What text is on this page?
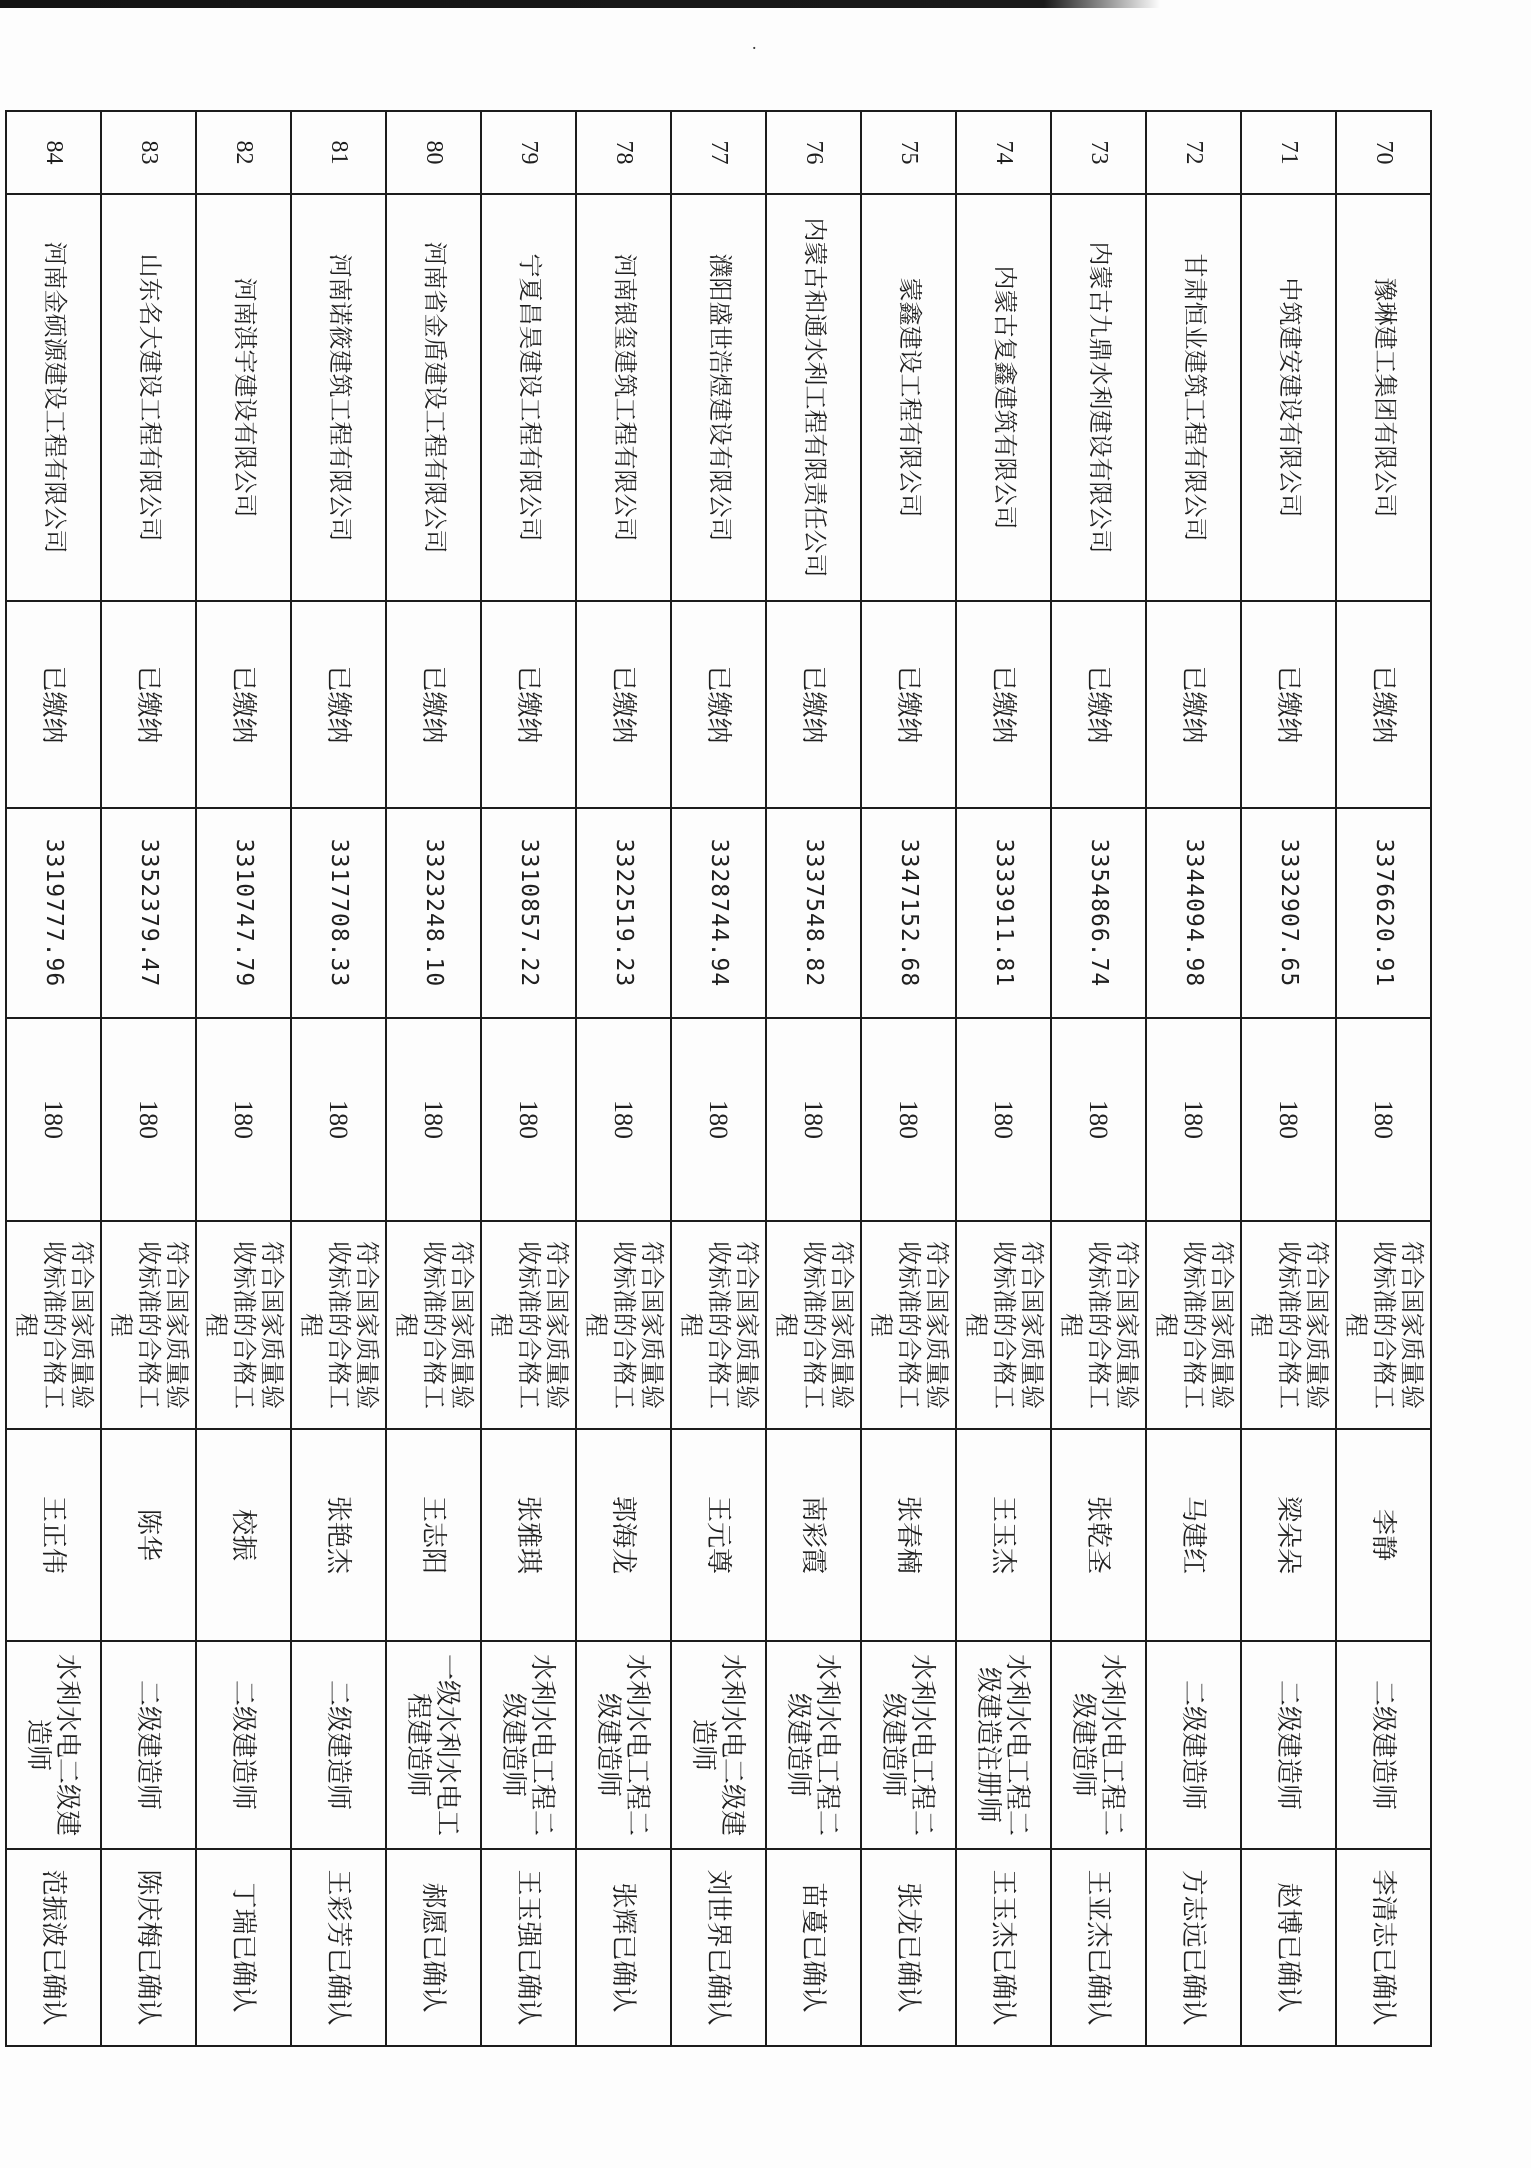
.
70	豫琳建工集团有限公司	已缴纳	3376620.91	180	符合国家质量验收标准的合格工程	李静	二级建造师	李清志已确认
71	中筑建安建设有限公司	已缴纳	3332907.65	180	符合国家质量验收标准的合格工程	梁朵朵	二级建造师	赵博已确认
72	甘肃恒业建筑工程有限公司	已缴纳	3344094.98	180	符合国家质量验收标准的合格工程	马建红	二级建造师	方志远已确认
73	内蒙古九鼎水利建设有限公司	已缴纳	3354866.74	180	符合国家质量验收标准的合格工程	张乾圣	水利水电工程二级建造师	王亚杰已确认
74	内蒙古复鑫建筑有限公司	已缴纳	3333911.81	180	符合国家质量验收标准的合格工程	王玉杰	水利水电工程二级建造注册师	王玉杰已确认
75	蒙鑫建设工程有限公司	已缴纳	3347152.68	180	符合国家质量验收标准的合格工程	张春楠	水利水电工程二级建造师	张龙已确认
76	内蒙古和通水利工程有限责任公司	已缴纳	3337548.82	180	符合国家质量验收标准的合格工程	南彩霞	水利水电工程二级建造师	苗蔓已确认
77	濮阳盛世浩煜建设有限公司	已缴纳	3328744.94	180	符合国家质量验收标准的合格工程	王元尊	水利水电二级建造师	刘世界已确认
78	河南银玺建筑工程有限公司	已缴纳	3322519.23	180	符合国家质量验收标准的合格工程	郭海龙	水利水电工程二级建造师	张辉已确认
79	宁夏昌昊建设工程有限公司	已缴纳	3310857.22	180	符合国家质量验收标准的合格工程	张雅琪	水利水电工程二级建造师	王玉强已确认
80	河南省金盾建设工程有限公司	已缴纳	3323248.10	180	符合国家质量验收标准的合格工程	王志阳	一级水利水电工程建造师	郝愿已确认
81	河南诺筱建筑工程有限公司	已缴纳	3317708.33	180	符合国家质量验收标准的合格工程	张艳杰	二级建造师	王彩芳已确认
82	河南淇宇建设有限公司	已缴纳	3310747.79	180	符合国家质量验收标准的合格工程	校振	二级建造师	丁瑞已确认
83	山东名大建设工程有限公司	已缴纳	3352379.47	180	符合国家质量验收标准的合格工程	陈华	二级建造师	陈庆梅已确认
84	河南金硕源建设工程有限公司	已缴纳	3319777.96	180	符合国家质量验收标准的合格工程	王正伟	水利水电二级建造师	范振波已确认
